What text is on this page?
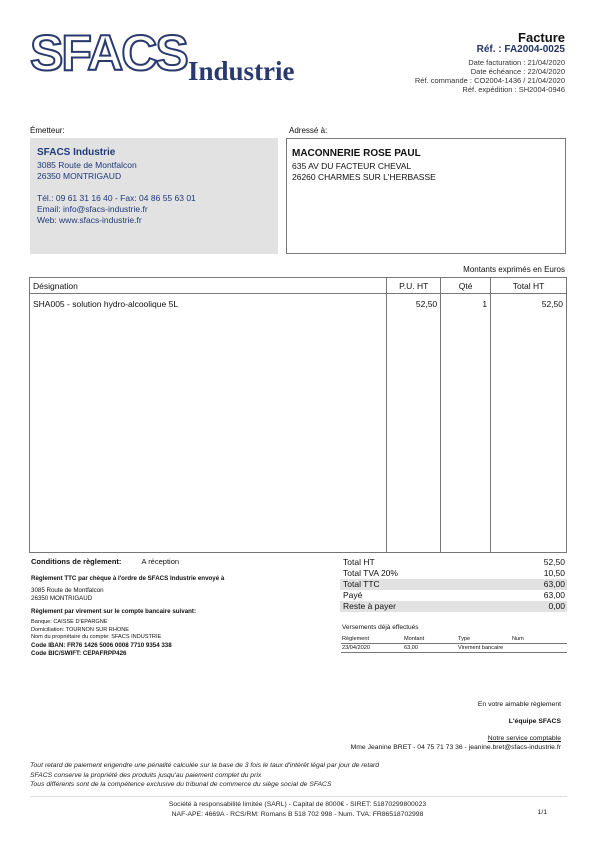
SFACS Industrie
Facture
Réf. : FA2004-0025
Date facturation : 21/04/2020
Date échéance : 22/04/2020
Réf. commande : CO2004-1436 / 21/04/2020
Réf. expédition : SH2004-0946
Émetteur:
SFACS Industrie
3085 Route de Montfalcon
26350 MONTRIGAUD
Tél.: 09 61 31 16 40 - Fax: 04 86 55 63 01
Email: info@sfacs-industrie.fr
Web: www.sfacs-industrie.fr
Adressé à:
MACONNERIE ROSE PAUL
635 AV DU FACTEUR CHEVAL
26260 CHARMES SUR L'HERBASSE
Montants exprimés en Euros
Désignation	P.U. HT	Qté	Total HT
SHA005 - solution hydro-alcoolique 5L	52,50	1	52,50

Conditions de règlement:	A réception
Règlement TTC par chèque à l'ordre de SFACS Industrie envoyé à
3085 Route de Montfalcon
26350 MONTRIGAUD
Règlement par virement sur le compte bancaire suivant:
Banque: CAISSE D'EPARGNE
Domiciliation: TOURNON SUR RHONE
Nom du propriétaire du compte: SFACS INDUSTRIE
Code IBAN: FR76 1426 5006 0008 7710 9354 338
Code BIC/SWIFT: CEPAFRPP426
Total HT	52,50
Total TVA 20%	10,50
Total TTC	63,00
Payé	63,00
Reste à payer	0,00
Versements déjà effectués
Règlement	Montant	Type	Num
23/04/2020	63,00	Virement bancaire	
En votre aimable règlement
L'équipe SFACS
Notre service comptable
Mme Jeanine BRET - 04 75 71 73 36 - jeanine.bret@sfacs-industrie.fr
Tout retard de paiement engendre une pénalité calculée sur la base de 3 fois le taux d'intérêt légal par jour de retard
SFACS conserve la propriété des produits jusqu'au paiement complet du prix
Tous différents sont de la compétence exclusive du tribunal de commerce du siège social de SFACS
Société à responsabilité limitée (SARL) - Capital de 8000€ - SIRET: 51870299800023
NAF-APE: 4669A - RCS/RM: Romans B 518 702 998 - Num. TVA: FR86518702998	1/1
